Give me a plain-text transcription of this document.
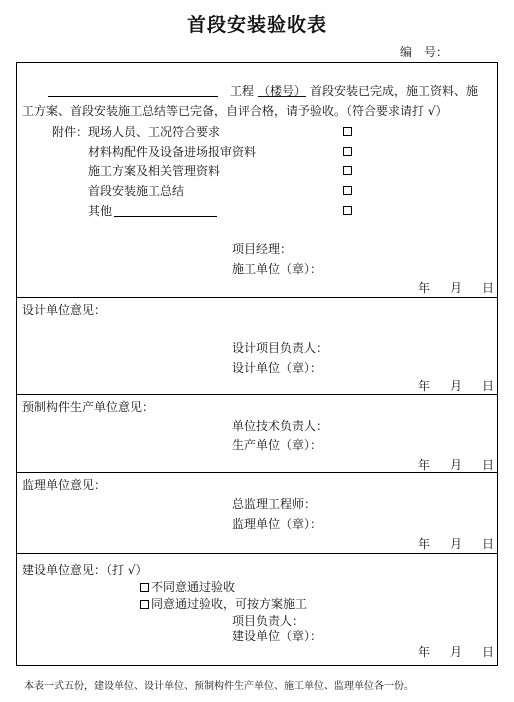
首段安装验收表
编　号：
工程 （楼号） 首段安装已完成，施工资料、施
工方案、首段安装施工总结等已完备，自评合格，请予验收。（符合要求请打 √）
附件： 现场人员、工况符合要求
材料构配件及设备进场报审资料
施工方案及相关管理资料
首段安装施工总结
其他
项目经理：
施工单位（章）：
年 月 日
设计单位意见：
设计项目负责人：
设计单位（章）：
年 月 日
预制构件生产单位意见：
单位技术负责人：
生产单位（章）：
年 月 日
监理单位意见：
总监理工程师：
监理单位（章）：
年 月 日
建设单位意见：（打 √）
不同意通过验收
同意通过验收，可按方案施工
项目负责人：
建设单位（章）：
年 月 日
本表一式五份，建设单位、设计单位、预制构件生产单位、施工单位、监理单位各一份。
